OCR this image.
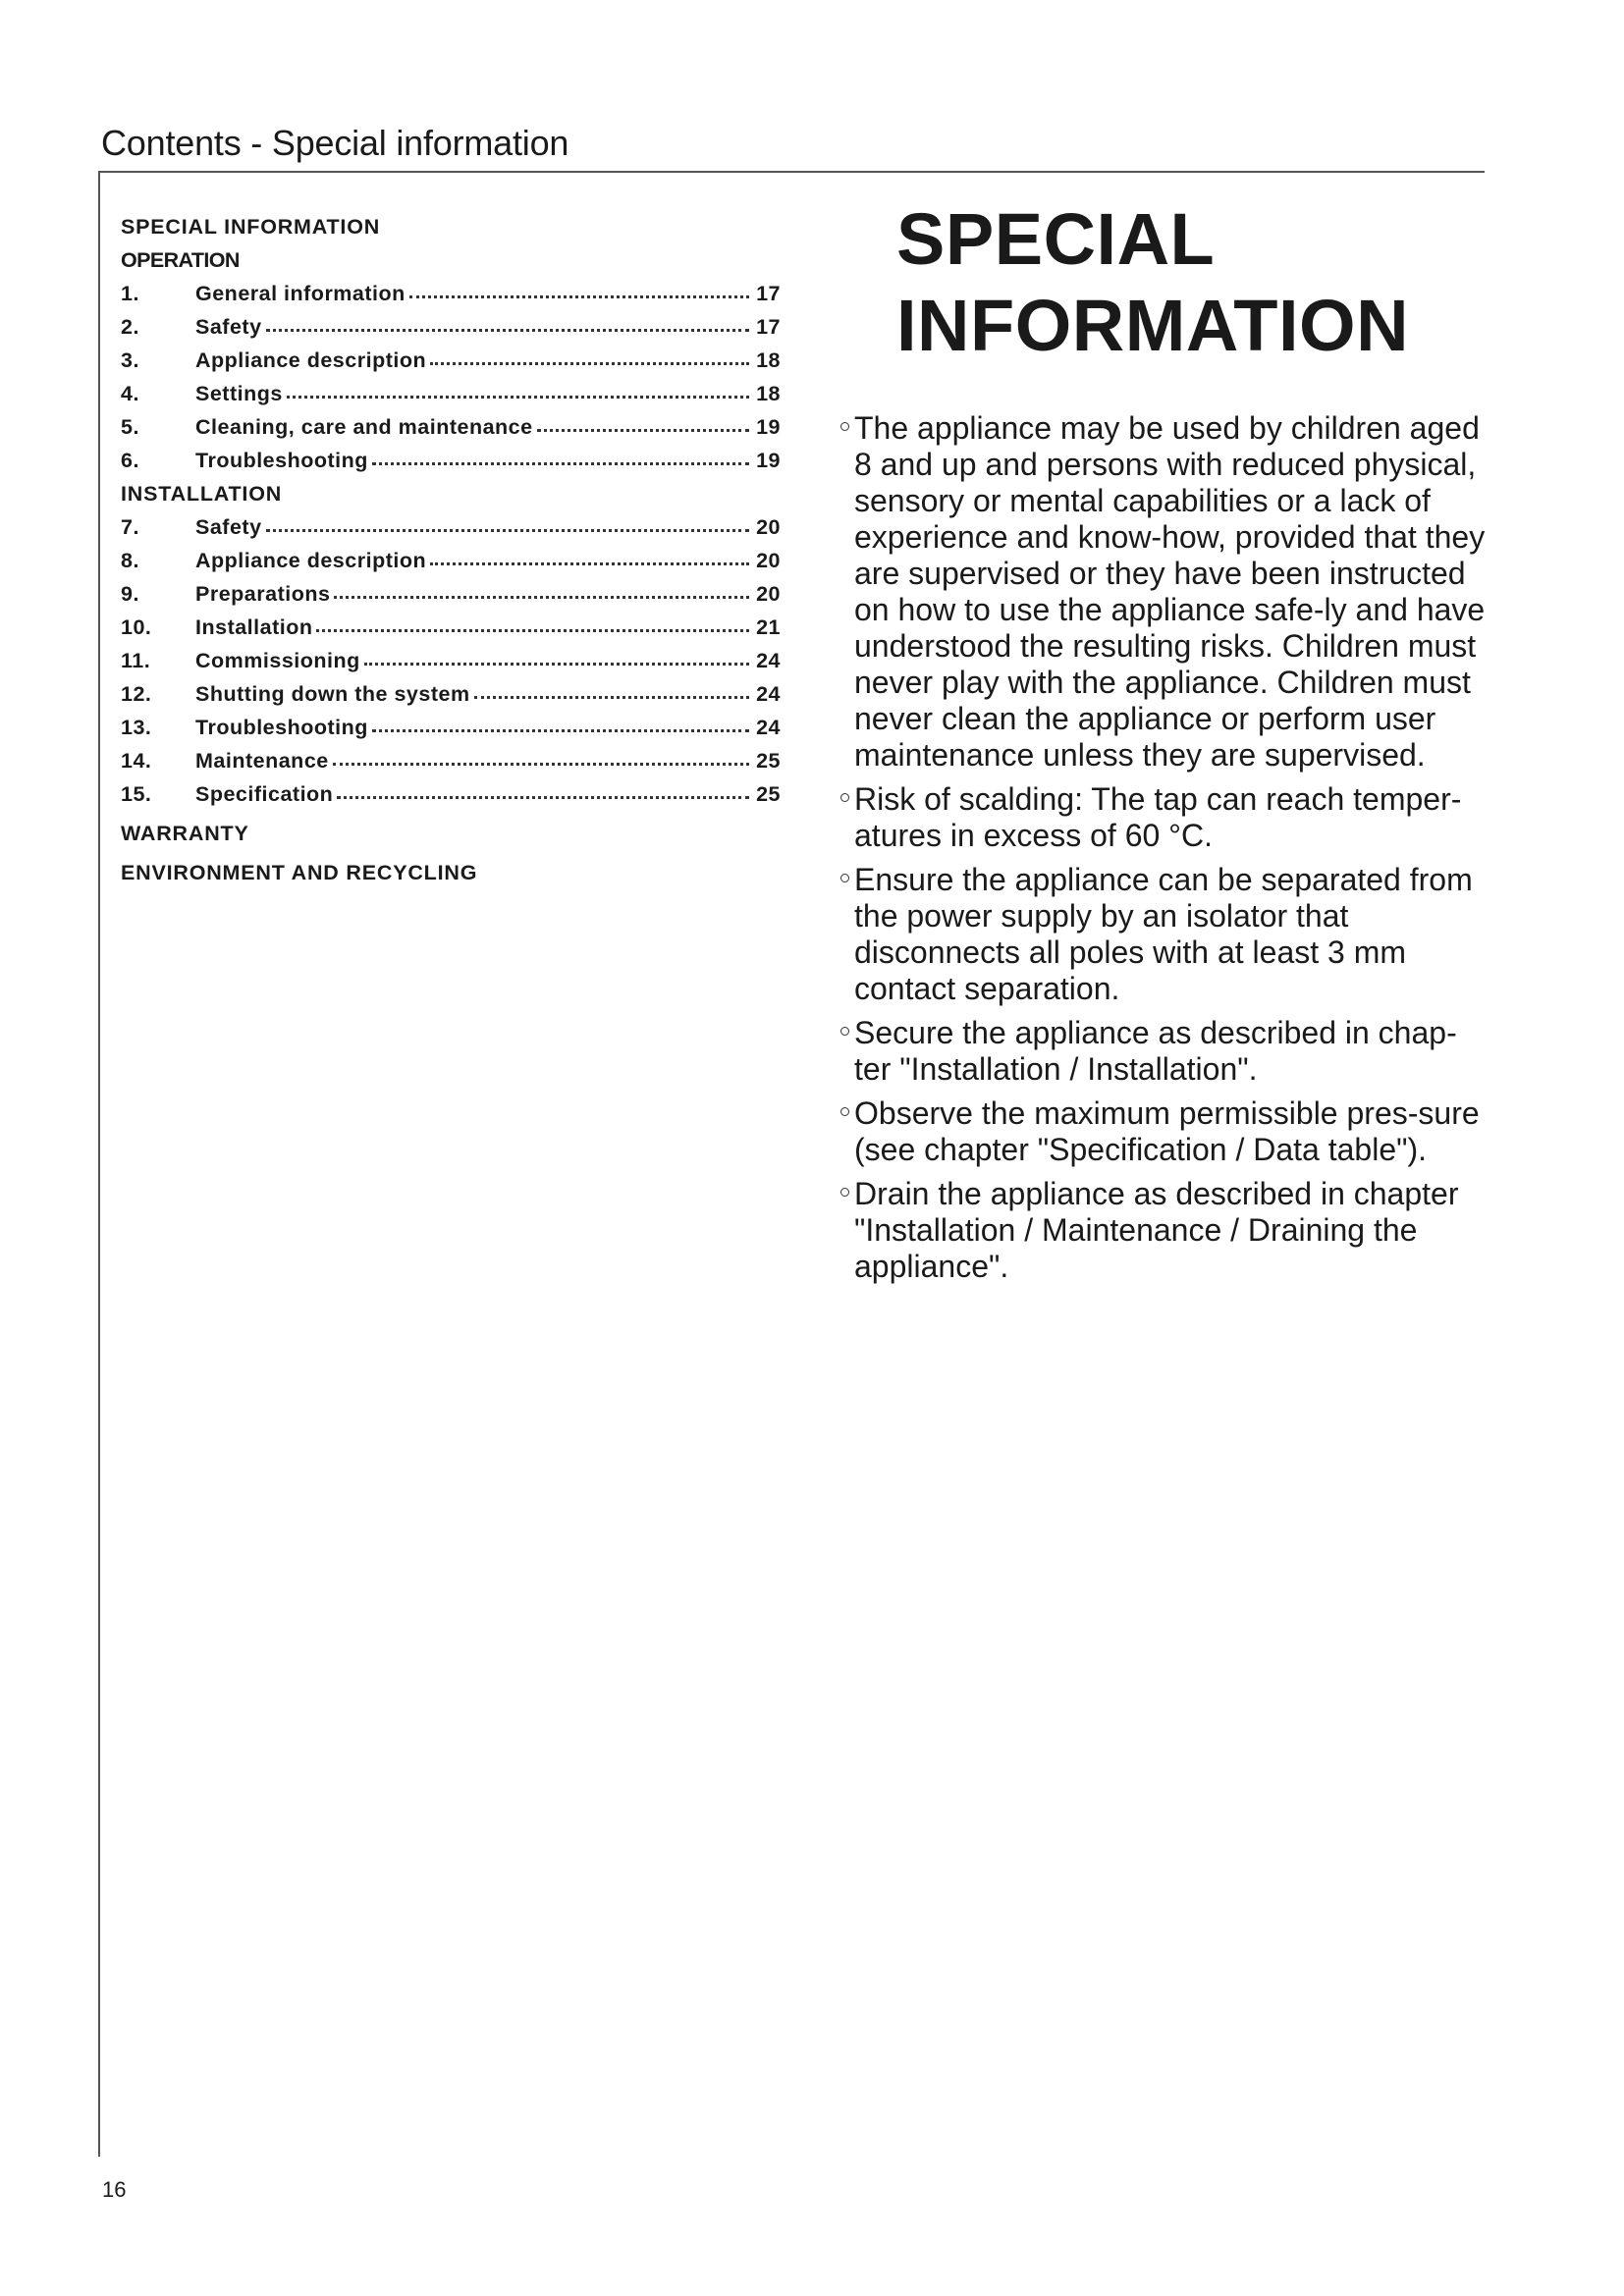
Contents - Special information
SPECIAL INFORMATION
OPERATION
1.	General information	17
2.	Safety	17
3.	Appliance description	18
4.	Settings	18
5.	Cleaning, care and maintenance	19
6.	Troubleshooting	19
INSTALLATION
7.	Safety	20
8.	Appliance description	20
9.	Preparations	20
10.	Installation	21
11.	Commissioning	24
12.	Shutting down the system	24
13.	Troubleshooting	24
14.	Maintenance	25
15.	Specification	25
WARRANTY
ENVIRONMENT AND RECYCLING
SPECIAL
INFORMATION
The appliance may be used by children aged 8 and up and persons with reduced physical, sensory or mental capabilities or a lack of experience and know-how, provided that they are supervised or they have been instructed on how to use the appliance safe-ly and have understood the resulting risks. Children must never play with the appliance. Children must never clean the appliance or perform user maintenance unless they are supervised.
Risk of scalding: The tap can reach temper-atures in excess of 60 °C.
Ensure the appliance can be separated from the power supply by an isolator that disconnects all poles with at least 3 mm contact separation.
Secure the appliance as described in chap-ter "Installation / Installation".
Observe the maximum permissible pres-sure (see chapter "Specification / Data table").
Drain the appliance as described in chapter "Installation / Maintenance / Draining the appliance".
16
